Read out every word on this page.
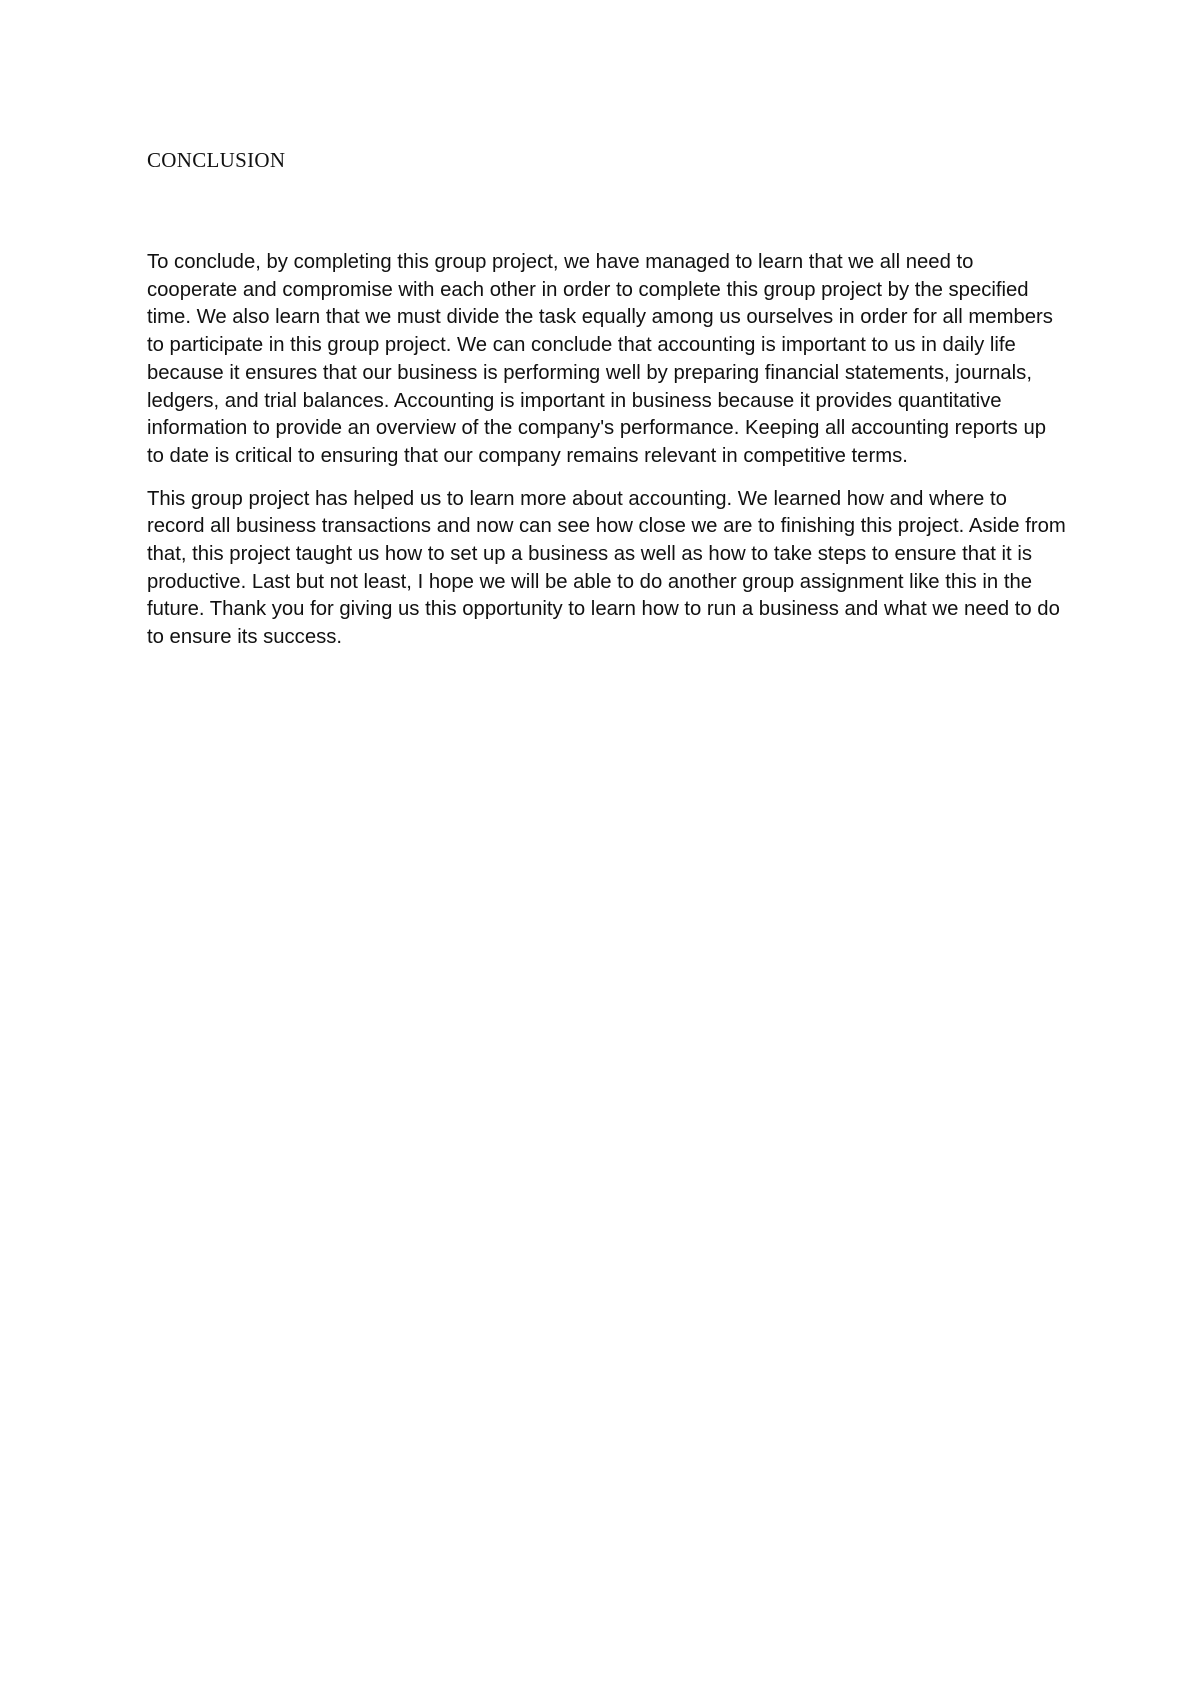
CONCLUSION

To conclude, by completing this group project, we have managed to learn that we all need to cooperate and compromise with each other in order to complete this group project by the specified time. We also learn that we must divide the task equally among us ourselves in order for all members to participate in this group project. We can conclude that accounting is important to us in daily life because it ensures that our business is performing well by preparing financial statements, journals, ledgers, and trial balances. Accounting is important in business because it provides quantitative information to provide an overview of the company's performance. Keeping all accounting reports up to date is critical to ensuring that our company remains relevant in competitive terms.

This group project has helped us to learn more about accounting. We learned how and where to record all business transactions and now can see how close we are to finishing this project. Aside from that, this project taught us how to set up a business as well as how to take steps to ensure that it is productive. Last but not least, I hope we will be able to do another group assignment like this in the future. Thank you for giving us this opportunity to learn how to run a business and what we need to do to ensure its success.
